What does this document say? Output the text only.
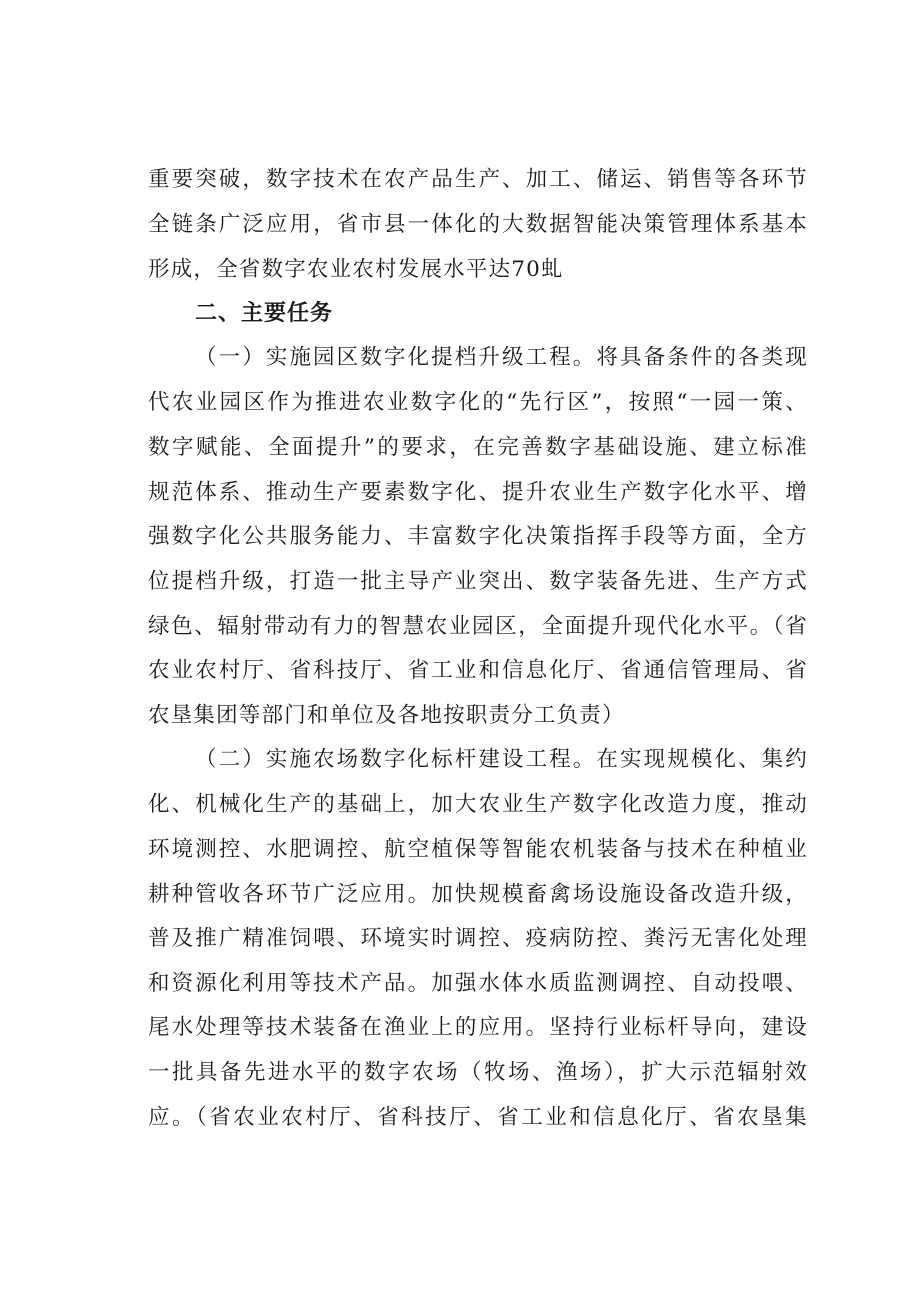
重要突破，数字技术在农产品生产、加工、储运、销售等各环节
全链条广泛应用，省市县一体化的大数据智能决策管理体系基本
形成，全省数字农业农村发展水平达70虬
二、主要任务
（一）实施园区数字化提档升级工程。将具备条件的各类现
代农业园区作为推进农业数字化的“先行区”，按照“一园一策、
数字赋能、全面提升”的要求，在完善数字基础设施、建立标准
规范体系、推动生产要素数字化、提升农业生产数字化水平、增
强数字化公共服务能力、丰富数字化决策指挥手段等方面，全方
位提档升级，打造一批主导产业突出、数字装备先进、生产方式
绿色、辐射带动有力的智慧农业园区，全面提升现代化水平。（省
农业农村厅、省科技厅、省工业和信息化厅、省通信管理局、省
农垦集团等部门和单位及各地按职责分工负责）
（二）实施农场数字化标杆建设工程。在实现规模化、集约
化、机械化生产的基础上，加大农业生产数字化改造力度，推动
环境测控、水肥调控、航空植保等智能农机装备与技术在种植业
耕种管收各环节广泛应用。加快规模畜禽场设施设备改造升级，
普及推广精准饲喂、环境实时调控、疫病防控、粪污无害化处理
和资源化利用等技术产品。加强水体水质监测调控、自动投喂、
尾水处理等技术装备在渔业上的应用。坚持行业标杆导向，建设
一批具备先进水平的数字农场（牧场、渔场），扩大示范辐射效
应。（省农业农村厅、省科技厅、省工业和信息化厅、省农垦集
